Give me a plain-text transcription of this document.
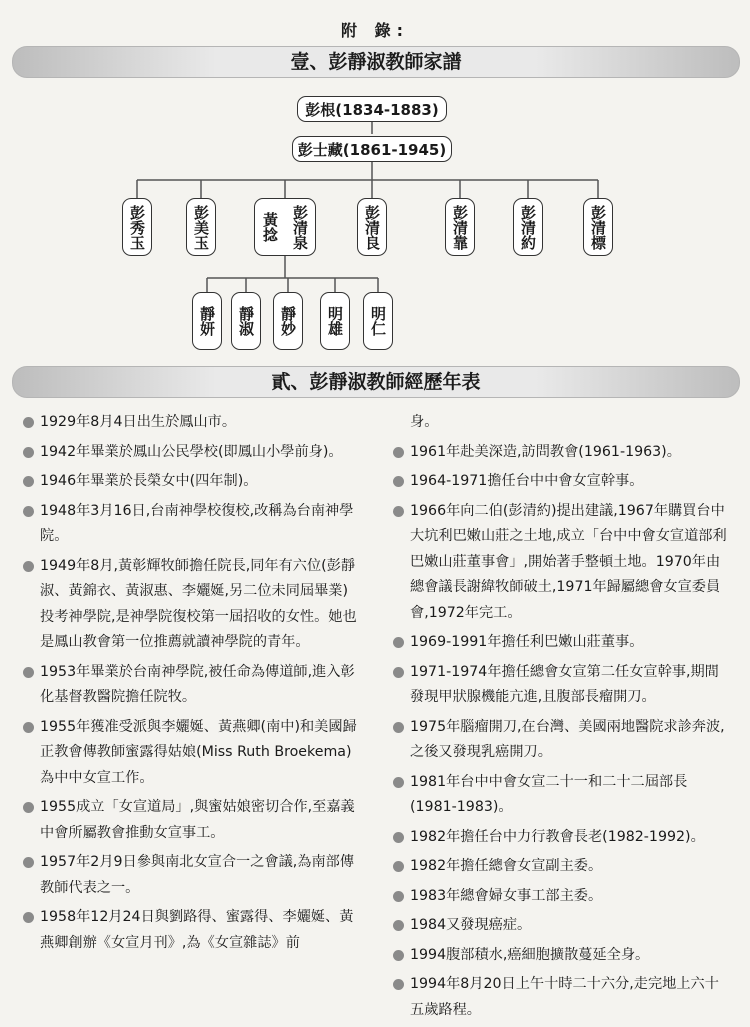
附 錄:
壹、彭靜淑教師家譜
彭根(1834-1883)
彭士藏(1861-1945)
彭秀玉	彭美玉	黃捻 彭清泉	彭清良	彭清靠	彭清約	彭清標
靜妍	靜淑	靜妙	明雄	明仁
貳、彭靜淑教師經歷年表
1929年8月4日出生於鳳山市。
1942年畢業於鳳山公民學校(即鳳山小學前身)。
1946年畢業於長榮女中(四年制)。
1948年3月16日,台南神學校復校,改稱為台南神學院。
1949年8月,黃彰輝牧師擔任院長,同年有六位(彭靜淑、黃錦衣、黃淑惠、李孋娫,另二位未同屆畢業)投考神學院,是神學院復校第一屆招收的女性。她也是鳳山教會第一位推薦就讀神學院的青年。
1953年畢業於台南神學院,被任命為傳道師,進入彰化基督教醫院擔任院牧。
1955年獲准受派與李孋娫、黃燕卿(南中)和美國歸正教會傳教師蜜露得姑娘(Miss Ruth Broekema)為中中女宣工作。
1955成立「女宣道局」,與蜜姑娘密切合作,至嘉義中會所屬教會推動女宣事工。
1957年2月9日參與南北女宣合一之會議,為南部傳教師代表之一。
1958年12月24日與劉路得、蜜露得、李孋娫、黃燕卿創辦《女宣月刊》,為《女宣雜誌》前
身。
1961年赴美深造,訪問教會(1961-1963)。
1964-1971擔任台中中會女宣幹事。
1966年向二伯(彭清約)提出建議,1967年購買台中大坑利巴嫩山莊之土地,成立「台中中會女宣道部利巴嫩山莊董事會」,開始著手整頓土地。1970年由總會議長謝緯牧師破土,1971年歸屬總會女宣委員會,1972年完工。
1969-1991年擔任利巴嫩山莊董事。
1971-1974年擔任總會女宣第二任女宣幹事,期間發現甲狀腺機能亢進,且腹部長瘤開刀。
1975年腦瘤開刀,在台灣、美國兩地醫院求診奔波,之後又發現乳癌開刀。
1981年台中中會女宣二十一和二十二屆部長(1981-1983)。
1982年擔任台中力行教會長老(1982-1992)。
1982年擔任總會女宣副主委。
1983年總會婦女事工部主委。
1984又發現癌症。
1994腹部積水,癌細胞擴散蔓延全身。
1994年8月20日上午十時二十六分,走完地上六十五歲路程。
